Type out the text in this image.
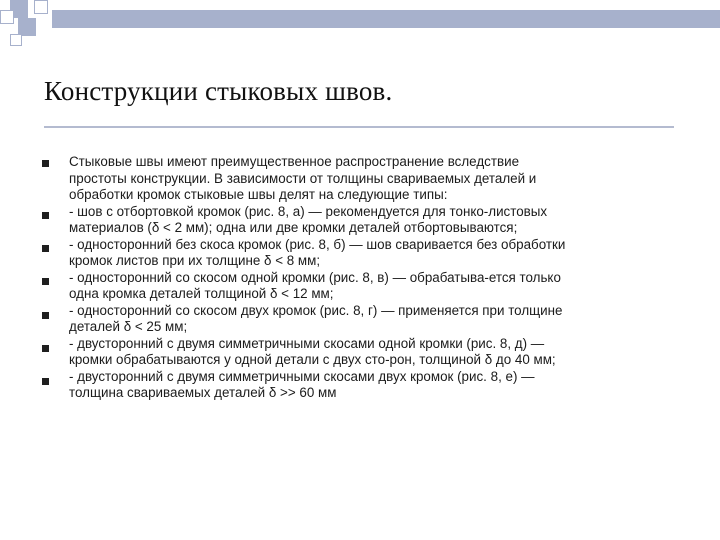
Конструкции стыковых швов.

Стыковые швы имеют преимущественное распространение вследствие

простоты конструкции. В зависимости от толщины свариваемых деталей и

обработки кромок стыковые швы делят на следующие типы:

- шов с отбортовкой кромок (рис. 8, а) — рекомендуется для тонко-листовых

материалов (δ < 2 мм); одна или две кромки деталей отбортовываются;

- односторонний без скоса кромок (рис. 8, б) — шов сваривается без обработки

кромок листов при их толщине δ < 8 мм;

- односторонний со скосом одной кромки (рис. 8, в) — обрабатыва-ется только

одна кромка деталей толщиной δ < 12 мм;

- односторонний со скосом двух кромок (рис. 8, г) — применяется при толщине

деталей δ < 25 мм;

- двусторонний с двумя симметричными скосами одной кромки (рис. 8, д) —

кромки обрабатываются у одной детали с двух сто-рон, толщиной δ до 40 мм;

- двусторонний с двумя симметричными скосами двух кромок (рис. 8, е) —

толщина свариваемых деталей δ >> 60 мм
